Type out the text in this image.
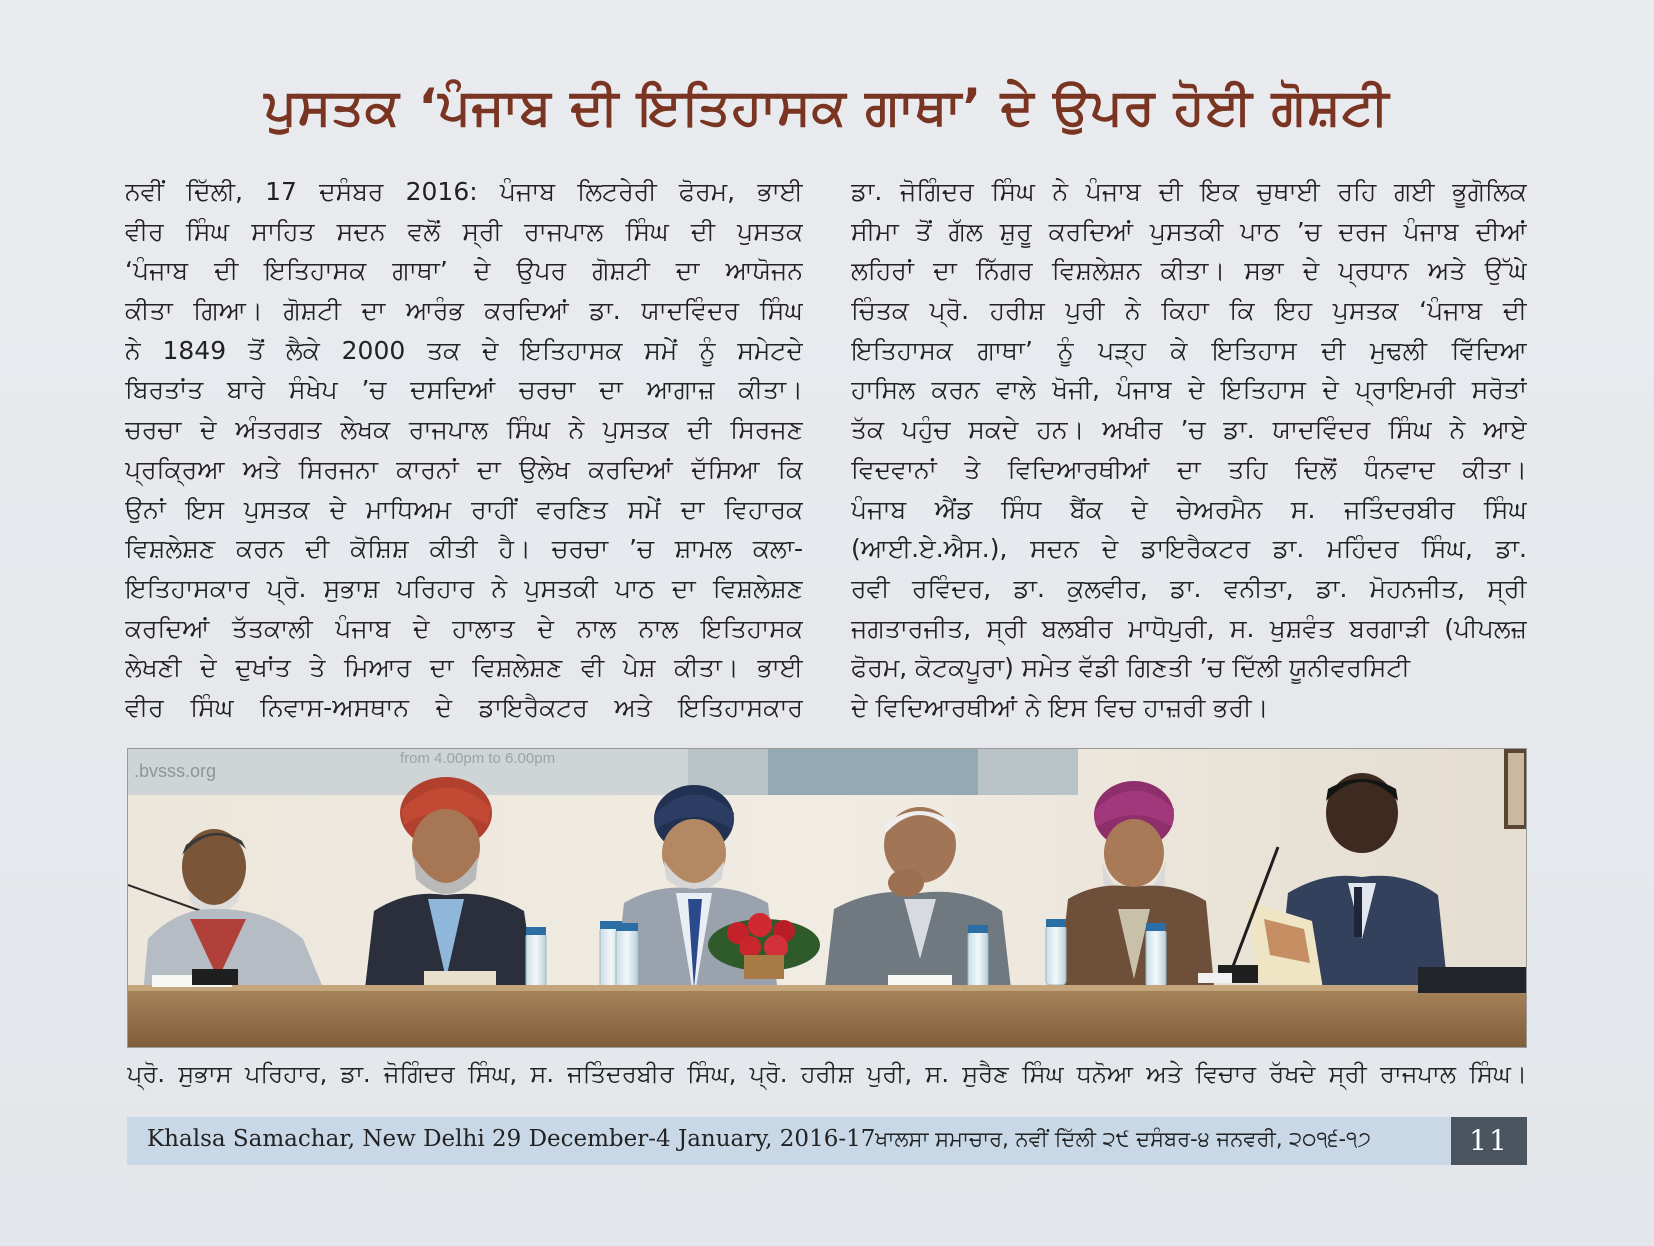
ਪੁਸਤਕ ‘ਪੰਜਾਬ ਦੀ ਇਤਿਹਾਸਕ ਗਾਥਾ’ ਦੇ ਉਪਰ ਹੋਈ ਗੋਸ਼ਟੀ
ਨਵੀਂ ਦਿੱਲੀ, 17 ਦਸੰਬਰ 2016: ਪੰਜਾਬ ਲਿਟਰੇਰੀ ਫੋਰਮ, ਭਾਈ
ਵੀਰ ਸਿੰਘ ਸਾਹਿਤ ਸਦਨ ਵਲੋਂ ਸ੍ਰੀ ਰਾਜਪਾਲ ਸਿੰਘ ਦੀ ਪੁਸਤਕ
‘ਪੰਜਾਬ ਦੀ ਇਤਿਹਾਸਕ ਗਾਥਾ’ ਦੇ ਉਪਰ ਗੋਸ਼ਟੀ ਦਾ ਆਯੋਜਨ
ਕੀਤਾ ਗਿਆ। ਗੋਸ਼ਟੀ ਦਾ ਆਰੰਭ ਕਰਦਿਆਂ ਡਾ. ਯਾਦਵਿੰਦਰ ਸਿੰਘ
ਨੇ 1849 ਤੋਂ ਲੈਕੇ 2000 ਤਕ ਦੇ ਇਤਿਹਾਸਕ ਸਮੇਂ ਨੂੰ ਸਮੇਟਦੇ
ਬਿਰਤਾਂਤ ਬਾਰੇ ਸੰਖੇਪ ’ਚ ਦਸਦਿਆਂ ਚਰਚਾ ਦਾ ਆਗਾਜ਼ ਕੀਤਾ।
ਚਰਚਾ ਦੇ ਅੰਤਰਗਤ ਲੇਖਕ ਰਾਜਪਾਲ ਸਿੰਘ ਨੇ ਪੁਸਤਕ ਦੀ ਸਿਰਜਣ
ਪ੍ਰਕ੍ਰਿਆ ਅਤੇ ਸਿਰਜਨਾ ਕਾਰਨਾਂ ਦਾ ਉਲੇਖ ਕਰਦਿਆਂ ਦੱਸਿਆ ਕਿ
ਉਨਾਂ ਇਸ ਪੁਸਤਕ ਦੇ ਮਾਧਿਅਮ ਰਾਹੀਂ ਵਰਣਿਤ ਸਮੇਂ ਦਾ ਵਿਹਾਰਕ
ਵਿਸ਼ਲੇਸ਼ਣ ਕਰਨ ਦੀ ਕੋਸ਼ਿਸ਼ ਕੀਤੀ ਹੈ। ਚਰਚਾ ’ਚ ਸ਼ਾਮਲ ਕਲਾ-
ਇਤਿਹਾਸਕਾਰ ਪ੍ਰੋ. ਸੁਭਾਸ਼ ਪਰਿਹਾਰ ਨੇ ਪੁਸਤਕੀ ਪਾਠ ਦਾ ਵਿਸ਼ਲੇਸ਼ਣ
ਕਰਦਿਆਂ ਤੱਤਕਾਲੀ ਪੰਜਾਬ ਦੇ ਹਾਲਾਤ ਦੇ ਨਾਲ ਨਾਲ ਇਤਿਹਾਸਕ
ਲੇਖਣੀ ਦੇ ਦੁਖਾਂਤ ਤੇ ਮਿਆਰ ਦਾ ਵਿਸ਼ਲੇਸ਼ਣ ਵੀ ਪੇਸ਼ ਕੀਤਾ। ਭਾਈ
ਵੀਰ ਸਿੰਘ ਨਿਵਾਸ-ਅਸਥਾਨ ਦੇ ਡਾਇਰੈਕਟਰ ਅਤੇ ਇਤਿਹਾਸਕਾਰ
ਡਾ. ਜੋਗਿੰਦਰ ਸਿੰਘ ਨੇ ਪੰਜਾਬ ਦੀ ਇਕ ਚੁਥਾਈ ਰਹਿ ਗਈ ਭੂਗੋਲਿਕ
ਸੀਮਾ ਤੋਂ ਗੱਲ ਸ਼ੁਰੂ ਕਰਦਿਆਂ ਪੁਸਤਕੀ ਪਾਠ ’ਚ ਦਰਜ ਪੰਜਾਬ ਦੀਆਂ
ਲਹਿਰਾਂ ਦਾ ਨਿੱਗਰ ਵਿਸ਼ਲੇਸ਼ਨ ਕੀਤਾ। ਸਭਾ ਦੇ ਪ੍ਰਧਾਨ ਅਤੇ ਉੱਘੇ
ਚਿੰਤਕ ਪ੍ਰੋ. ਹਰੀਸ਼ ਪੁਰੀ ਨੇ ਕਿਹਾ ਕਿ ਇਹ ਪੁਸਤਕ ‘ਪੰਜਾਬ ਦੀ
ਇਤਿਹਾਸਕ ਗਾਥਾ’ ਨੂੰ ਪੜ੍ਹ ਕੇ ਇਤਿਹਾਸ ਦੀ ਮੁਢਲੀ ਵਿੱਦਿਆ
ਹਾਸਿਲ ਕਰਨ ਵਾਲੇ ਖੋਜੀ, ਪੰਜਾਬ ਦੇ ਇਤਿਹਾਸ ਦੇ ਪ੍ਰਾਇਮਰੀ ਸਰੋਤਾਂ
ਤੱਕ ਪਹੁੰਚ ਸਕਦੇ ਹਨ। ਅਖੀਰ ’ਚ ਡਾ. ਯਾਦਵਿੰਦਰ ਸਿੰਘ ਨੇ ਆਏ
ਵਿਦਵਾਨਾਂ ਤੇ ਵਿਦਿਆਰਥੀਆਂ ਦਾ ਤਹਿ ਦਿਲੋਂ ਧੰਨਵਾਦ ਕੀਤਾ।
ਪੰਜਾਬ ਐਂਡ ਸਿੰਧ ਬੈਂਕ ਦੇ ਚੇਅਰਮੈਨ ਸ. ਜਤਿੰਦਰਬੀਰ ਸਿੰਘ
(ਆਈ.ਏ.ਐਸ.), ਸਦਨ ਦੇ ਡਾਇਰੈਕਟਰ ਡਾ. ਮਹਿੰਦਰ ਸਿੰਘ, ਡਾ.
ਰਵੀ ਰਵਿੰਦਰ, ਡਾ. ਕੁਲਵੀਰ, ਡਾ. ਵਨੀਤਾ, ਡਾ. ਮੋਹਨਜੀਤ, ਸ੍ਰੀ
ਜਗਤਾਰਜੀਤ, ਸ੍ਰੀ ਬਲਬੀਰ ਮਾਧੋਪੁਰੀ, ਸ. ਖੁਸ਼ਵੰਤ ਬਰਗਾੜੀ (ਪੀਪਲਜ਼
ਫੋਰਮ, ਕੋਟਕਪੂਰਾ) ਸਮੇਤ ਵੱਡੀ ਗਿਣਤੀ ’ਚ ਦਿੱਲੀ ਯੂਨੀਵਰਸਿਟੀ
ਦੇ ਵਿਦਿਆਰਥੀਆਂ ਨੇ ਇਸ ਵਿਚ ਹਾਜ਼ਰੀ ਭਰੀ।
.bvsss.org
from 4.00pm to 6.00pm
ਪ੍ਰੋ. ਸੁਭਾਸ ਪਰਿਹਾਰ, ਡਾ. ਜੋਗਿੰਦਰ ਸਿੰਘ, ਸ. ਜਤਿੰਦਰਬੀਰ ਸਿੰਘ, ਪ੍ਰੋ. ਹਰੀਸ਼ ਪੁਰੀ, ਸ. ਸੁਰੈਣ ਸਿੰਘ ਧਨੋਆ ਅਤੇ ਵਿਚਾਰ ਰੱਖਦੇ ਸ੍ਰੀ ਰਾਜਪਾਲ ਸਿੰਘ।
Khalsa Samachar, New Delhi 29 December-4 January, 2016-17 ਖਾਲਸਾ ਸਮਾਚਾਰ, ਨਵੀਂ ਦਿੱਲੀ ੨੯ ਦਸੰਬਰ-੪ ਜਨਵਰੀ, ੨੦੧੬-੧੭	11
